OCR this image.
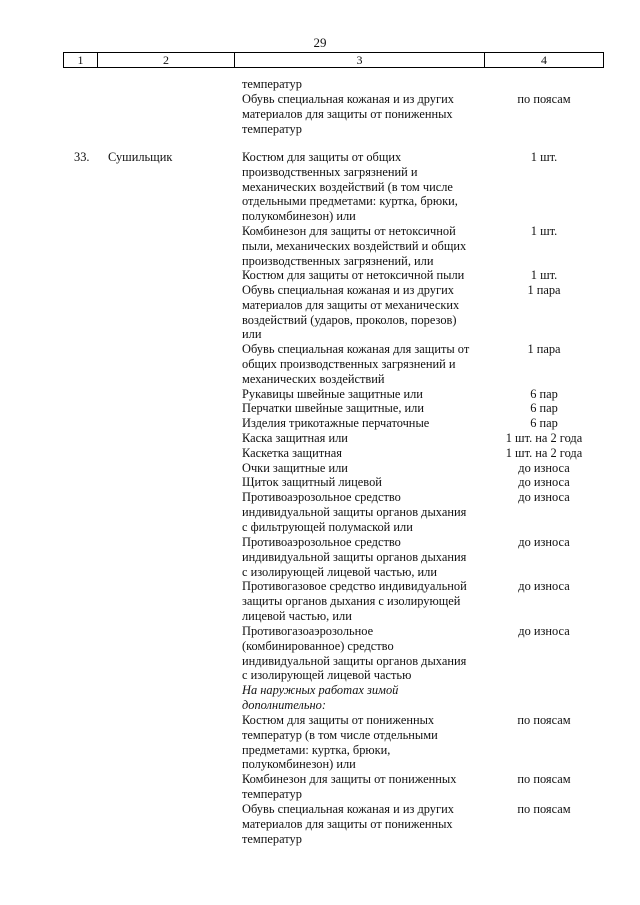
29
1	2	3	4
температур
Обувь специальная кожаная и из других
материалов для защиты от пониженных
температур
по поясам
33. Сушильщик	Костюм для защиты от общих
производственных загрязнений и
механических воздействий (в том числе
отдельными предметами: куртка, брюки,
полукомбинезон) или
1 шт.
Комбинезон для защиты от нетоксичной
пыли, механических воздействий и общих
производственных загрязнений, или
1 шт.
Костюм для защиты от нетоксичной пыли	1 шт.
Обувь специальная кожаная и из других
материалов для защиты от механических
воздействий (ударов, проколов, порезов)
или
1 пара
Обувь специальная кожаная для защиты от
общих производственных загрязнений и
механических воздействий
1 пара
Рукавицы швейные защитные или	6 пар
Перчатки швейные защитные, или	6 пар
Изделия трикотажные перчаточные	6 пар
Каска защитная или	1 шт. на 2 года
Каскетка защитная	1 шт. на 2 года
Очки защитные или	до износа
Щиток защитный лицевой	до износа
Противоаэрозольное средство
индивидуальной защиты органов дыхания
с фильтрующей полумаской или
до износа
Противоаэрозольное средство
индивидуальной защиты органов дыхания
с изолирующей лицевой частью, или
до износа
Противогазовое средство индивидуальной
защиты органов дыхания с изолирующей
лицевой частью, или
до износа
Противогазоаэрозольное
(комбинированное) средство
индивидуальной защиты органов дыхания
с изолирующей лицевой частью
до износа
На наружных работах зимой
дополнительно:
Костюм для защиты от пониженных
температур (в том числе отдельными
предметами: куртка, брюки,
полукомбинезон) или
по поясам
Комбинезон для защиты от пониженных
температур
по поясам
Обувь специальная кожаная и из других
материалов для защиты от пониженных
температур
по поясам
